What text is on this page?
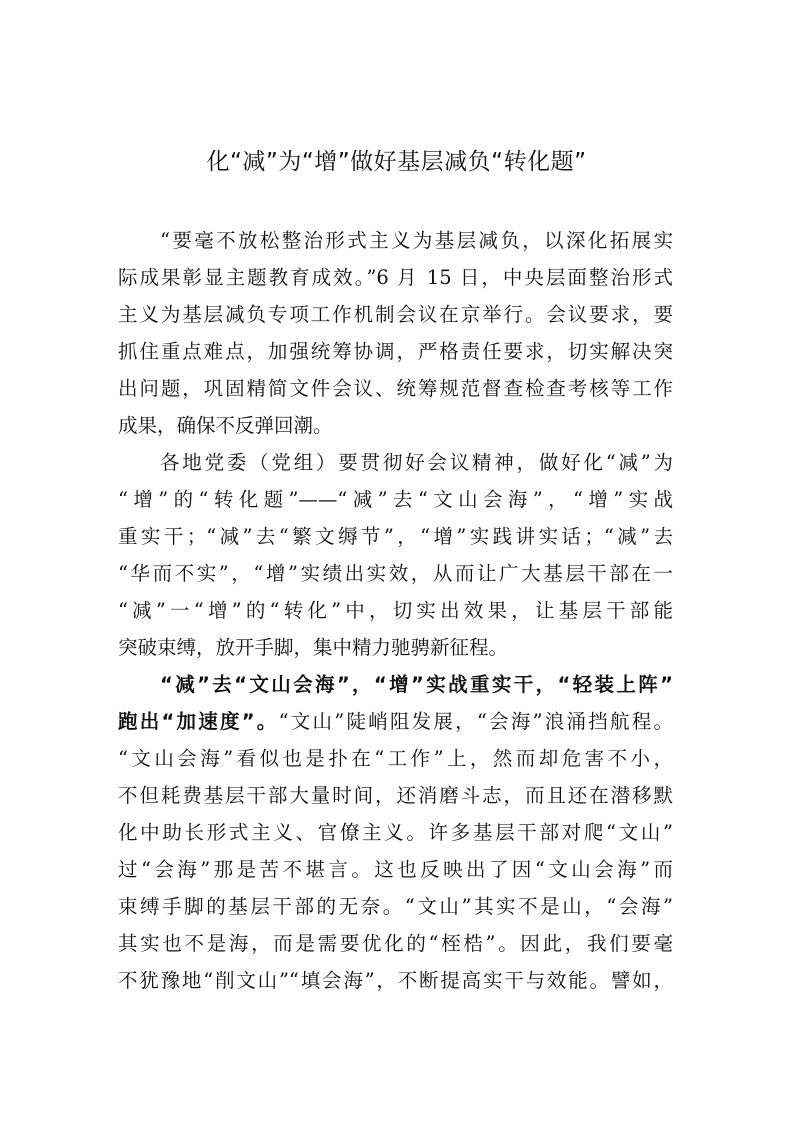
化“减”为“增”做好基层减负“转化题”
“要毫不放松整治形式主义为基层减负，以深化拓展实
际成果彰显主题教育成效。”6 月 15 日，中央层面整治形式
主义为基层减负专项工作机制会议在京举行。会议要求，要
抓住重点难点，加强统筹协调，严格责任要求，切实解决突
出问题，巩固精简文件会议、统筹规范督查检查考核等工作
成果，确保不反弹回潮。
各地党委（党组）要贯彻好会议精神，做好化“减”为
“增”的“转化题”——“减”去“文山会海”，“增”实战
重实干；“减”去“繁文缛节”，“增”实践讲实话；“减”去
“华而不实”，“增”实绩出实效，从而让广大基层干部在一
“减”一“增”的“转化”中，切实出效果，让基层干部能
突破束缚，放开手脚，集中精力驰骋新征程。
“减”去“文山会海”，“增”实战重实干，“轻装上阵”
跑出“加速度”。“文山”陡峭阻发展，“会海”浪涌挡航程。
“文山会海”看似也是扑在“工作”上，然而却危害不小，
不但耗费基层干部大量时间，还消磨斗志，而且还在潜移默
化中助长形式主义、官僚主义。许多基层干部对爬“文山”
过“会海”那是苦不堪言。这也反映出了因“文山会海”而
束缚手脚的基层干部的无奈。“文山”其实不是山，“会海”
其实也不是海，而是需要优化的“桎梏”。因此，我们要毫
不犹豫地“削文山”“填会海”，不断提高实干与效能。譬如，
